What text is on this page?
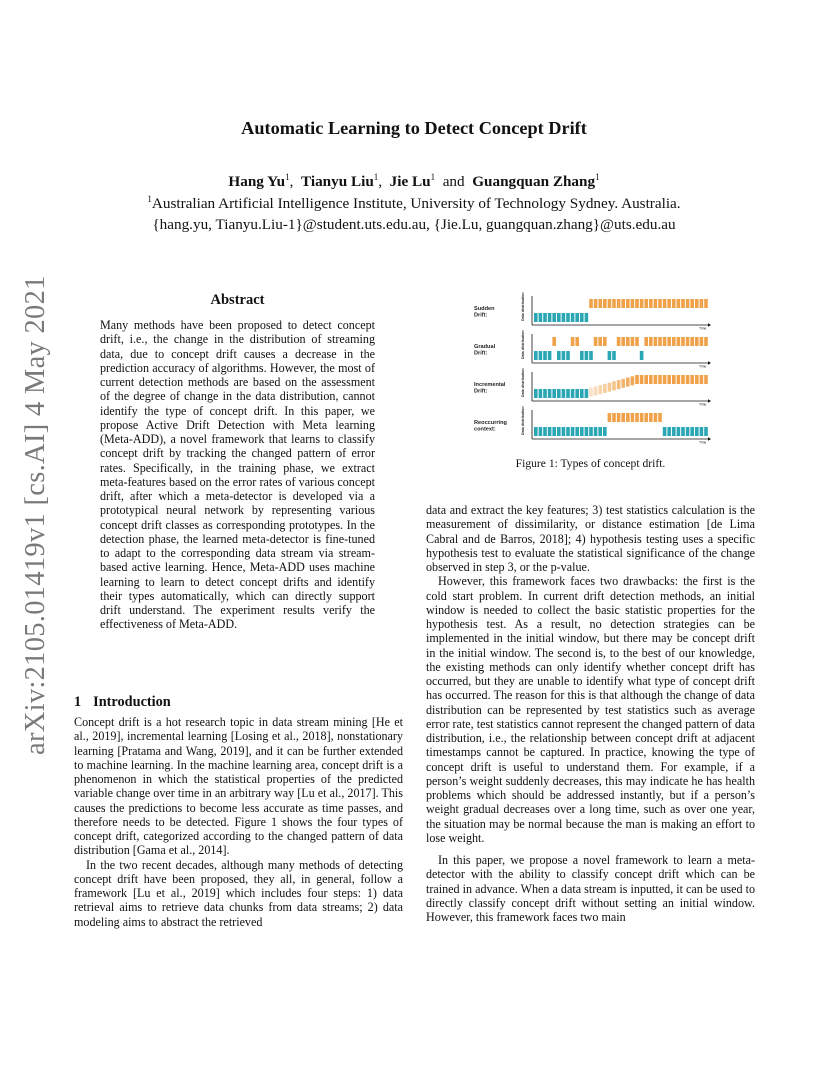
arXiv:2105.01419v1 [cs.AI] 4 May 2021
Automatic Learning to Detect Concept Drift
Hang Yu$^1$, Tianyu Liu$^1$, Jie Lu$^1$ and Guangquan Zhang$^1$
$^1$Australian Artificial Intelligence Institute, University of Technology Sydney. Australia.
{hang.yu, Tianyu.Liu-1}@student.uts.edu.au, {Jie.Lu, guangquan.zhang}@uts.edu.au
Abstract

Many methods have been proposed to detect concept drift, i.e., the change in the distribution of streaming data, due to concept drift causes a decrease in the prediction accuracy of algorithms. However, the most of current detection methods are based on the assessment of the degree of change in the data distribution, cannot identify the type of concept drift. In this paper, we propose Active Drift Detection with Meta learning (Meta-ADD), a novel framework that learns to classify concept drift by tracking the changed pattern of error rates. Specifically, in the training phase, we extract meta-features based on the error rates of various concept drift, after which a meta-detector is developed via a prototypical neural network by representing various concept drift classes as corresponding prototypes. In the detection phase, the learned meta-detector is fine-tuned to adapt to the corresponding data stream via stream-based active learning. Hence, Meta-ADD uses machine learning to learn to detect concept drifts and identify their types automatically, which can directly support drift understand. The experiment results verify the effectiveness of Meta-ADD.

1 Introduction

Concept drift is a hot research topic in data stream mining [He et al., 2019], incremental learning [Losing et al., 2018], nonstationary learning [Pratama and Wang, 2019], and it can be further extended to machine learning. In the machine learning area, concept drift is a phenomenon in which the statistical properties of the predicted variable change over time in an arbitrary way [Lu et al., 2017]. This causes the predictions to become less accurate as time passes, and therefore needs to be detected. Figure 1 shows the four types of concept drift, categorized according to the changed pattern of data distribution [Gama et al., 2014].

In the two recent decades, although many methods of detecting concept drift have been proposed, they all, in general, follow a framework [Lu et al., 2019] which includes four steps: 1) data retrieval aims to retrieve data chunks from data streams; 2) data modeling aims to abstract the retrieved

Sudden
Drift:	Data distribution
Time
Gradual
Drift:	Data distribution
Time
Incremental
Drift:	Data distribution
Time
Reoccurring
context:	Data distribution
Time
Figure 1: Types of concept drift.

data and extract the key features; 3) test statistics calculation is the measurement of dissimilarity, or distance estimation [de Lima Cabral and de Barros, 2018]; 4) hypothesis testing uses a specific hypothesis test to evaluate the statistical significance of the change observed in step 3, or the p-value.

However, this framework faces two drawbacks: the first is the cold start problem. In current drift detection methods, an initial window is needed to collect the basic statistic properties for the hypothesis test. As a result, no detection strategies can be implemented in the initial window, but there may be concept drift in the initial window. The second is, to the best of our knowledge, the existing methods can only identify whether concept drift has occurred, but they are unable to identify what type of concept drift has occurred. The reason for this is that although the change of data distribution can be represented by test statistics such as average error rate, test statistics cannot represent the changed pattern of data distribution, i.e., the relationship between concept drift at adjacent timestamps cannot be captured. In practice, knowing the type of concept drift is useful to understand them. For example, if a person’s weight suddenly decreases, this may indicate he has health problems which should be addressed instantly, but if a person’s weight gradual decreases over a long time, such as over one year, the situation may be normal because the man is making an effort to lose weight.

In this paper, we propose a novel framework to learn a meta-detector with the ability to classify concept drift which can be trained in advance. When a data stream is inputted, it can be used to directly classify concept drift without setting an initial window. However, this framework faces two main
